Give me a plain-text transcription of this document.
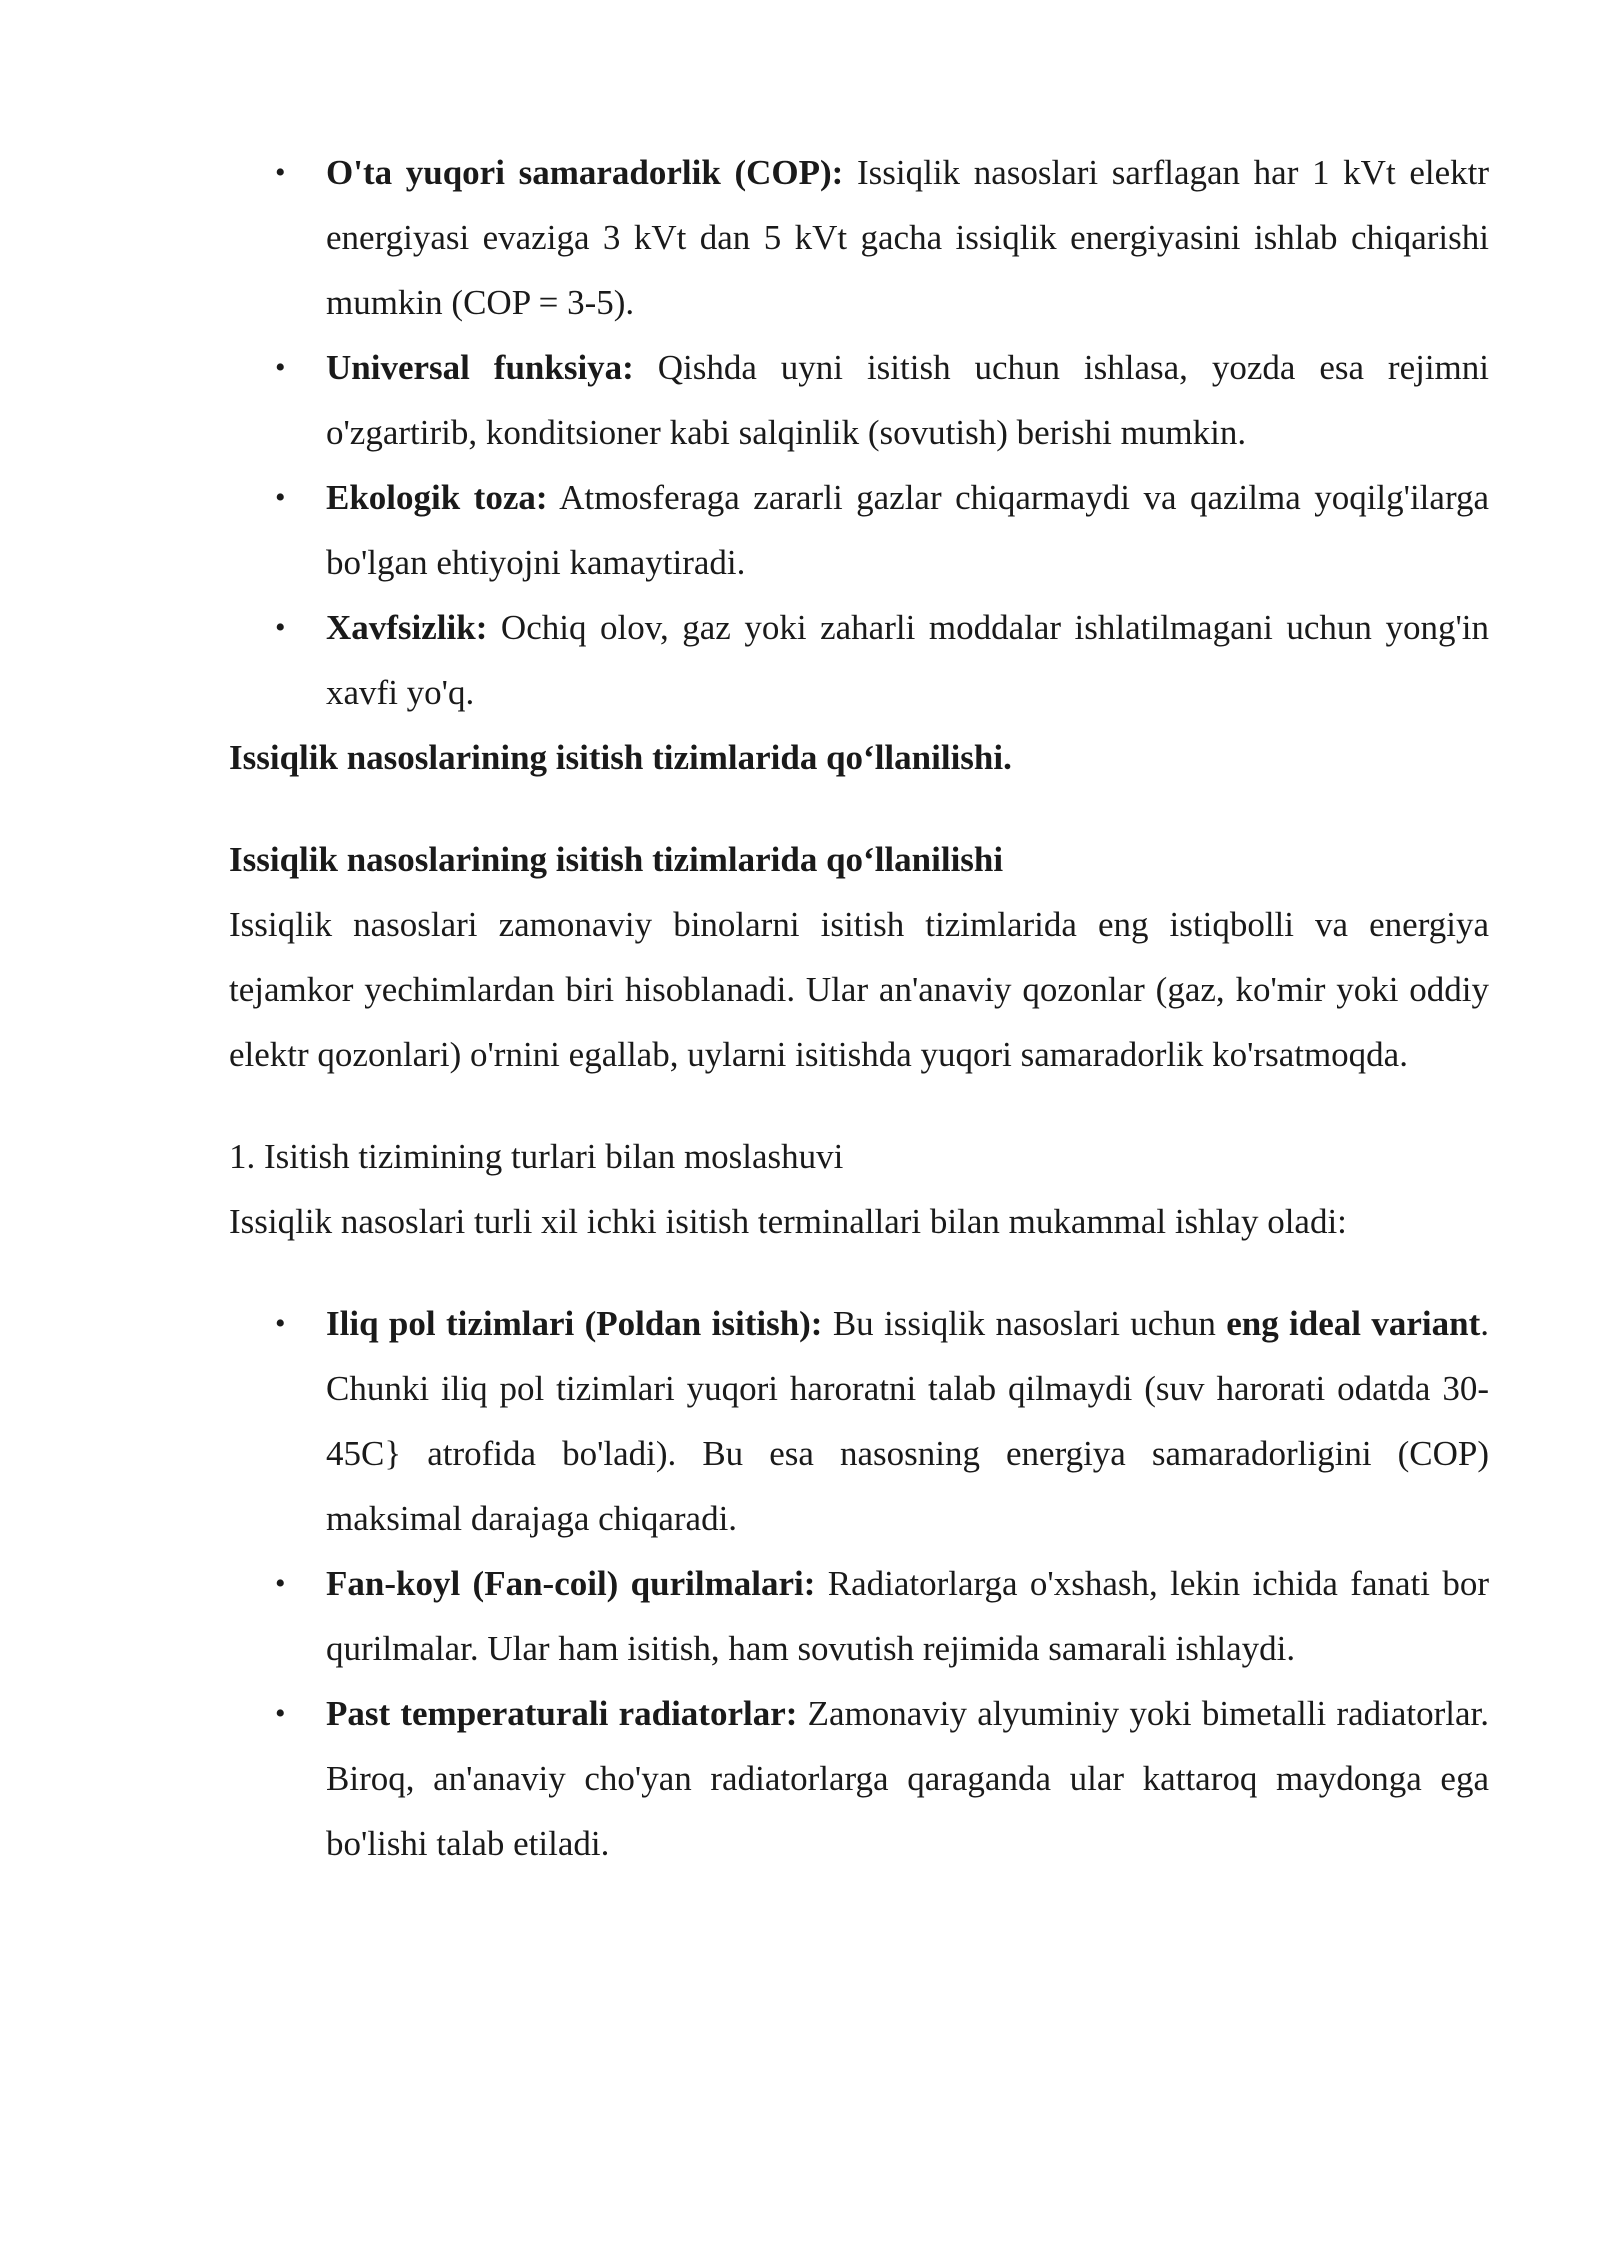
• O'ta yuqori samaradorlik (COP): Issiqlik nasoslari sarflagan har 1 kVt elektr energiyasi evaziga 3 kVt dan 5 kVt gacha issiqlik energiyasini ishlab chiqarishi mumkin (COP = 3-5).
• Universal funksiya: Qishda uyni isitish uchun ishlasa, yozda esa rejimni o'zgartirib, konditsioner kabi salqinlik (sovutish) berishi mumkin.
• Ekologik toza: Atmosferaga zararli gazlar chiqarmaydi va qazilma yoqilg'ilarga bo'lgan ehtiyojni kamaytiradi.
• Xavfsizlik: Ochiq olov, gaz yoki zaharli moddalar ishlatilmagani uchun yong'in xavfi yo'q.

Issiqlik nasoslarining isitish tizimlarida qo‘llanilishi.

Issiqlik nasoslarining isitish tizimlarida qo‘llanilishi

Issiqlik nasoslari zamonaviy binolarni isitish tizimlarida eng istiqbolli va energiya tejamkor yechimlardan biri hisoblanadi. Ular an'anaviy qozonlar (gaz, ko'mir yoki oddiy elektr qozonlari) o'rnini egallab, uylarni isitishda yuqori samaradorlik ko'rsatmoqda.

1. Isitish tizimining turlari bilan moslashuvi

Issiqlik nasoslari turli xil ichki isitish terminallari bilan mukammal ishlay oladi:

• Iliq pol tizimlari (Poldan isitish): Bu issiqlik nasoslari uchun eng ideal variant. Chunki iliq pol tizimlari yuqori haroratni talab qilmaydi (suv harorati odatda 30-45C} atrofida bo'ladi). Bu esa nasosning energiya samaradorligini (COP) maksimal darajaga chiqaradi.
• Fan-koyl (Fan-coil) qurilmalari: Radiatorlarga o'xshash, lekin ichida fanati bor qurilmalar. Ular ham isitish, ham sovutish rejimida samarali ishlaydi.
• Past temperaturali radiatorlar: Zamonaviy alyuminiy yoki bimetalli radiatorlar. Biroq, an'anaviy cho'yan radiatorlarga qaraganda ular kattaroq maydonga ega bo'lishi talab etiladi.
